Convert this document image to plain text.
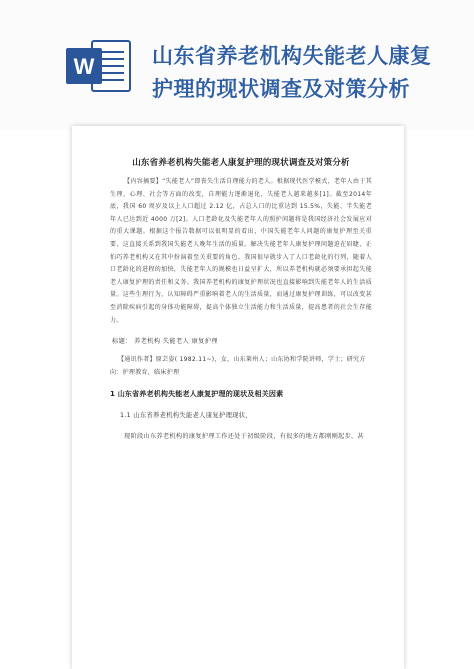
W	山东省养老机构失能老人康复
护理的现状调查及对策分析

山东省养老机构失能老人康复护理的现状调查及对策分析

【内容摘要】“失能老人”即丧失生活自理能力的老人。根据现代医学模式，老年人由于其生理、心理、社会等方面的改变，自理能力逐渐退化，失能老人越来越多[1]。截至2014年底，我国 60 周岁及以上人口超过 2.12 亿，占总人口的比重达到 15.5%，失能、半失能老年人已达到近 4000 万[2]。人口老龄化及失能老年人的照护问题将是我国经济社会发展应对的重大课题。根据这个报告数据可以很明显的看出，中国失能老年人问题的康复护理至关重要，这直接关系到我国失能老人晚年生活的质量。解决失能老年人康复护理问题迫在眉睫，正怕巧养老机构又在其中扮演着至关重要的角色。我国很早就步入了人口老龄化的行列，随着人口老龄化的进程的加快，失能老年人的规模也日益呈扩大，所以养老机构就必须要承担起失能老人康复护理的责任和义务。我国养老机构的康复护理状况也直接影响到失能老年人的生活质量。这些生理行为，认知障碍严重影响着老人的生活质量，而通过康复护理训练，可以改变甚至消除疾病引起的身体功能障碍，提高个体独立生活能力和生活质量，提高患者的社会生存能力。

标题： 养老机构 失能老人 康复护理

【通讯作者】原芸姿( 1982.11~)，女，山东莱州人；山东协和学院讲师，学士；研究方向：护理教育，临床护理

1 山东省养老机构失能老人康复护理的现状及相关因素

1.1 山东省养老机构失能老人康复护理现状，

现阶段山东养老机构的康复护理工作还处于初级阶段，有很多的地方都刚刚起步，甚
